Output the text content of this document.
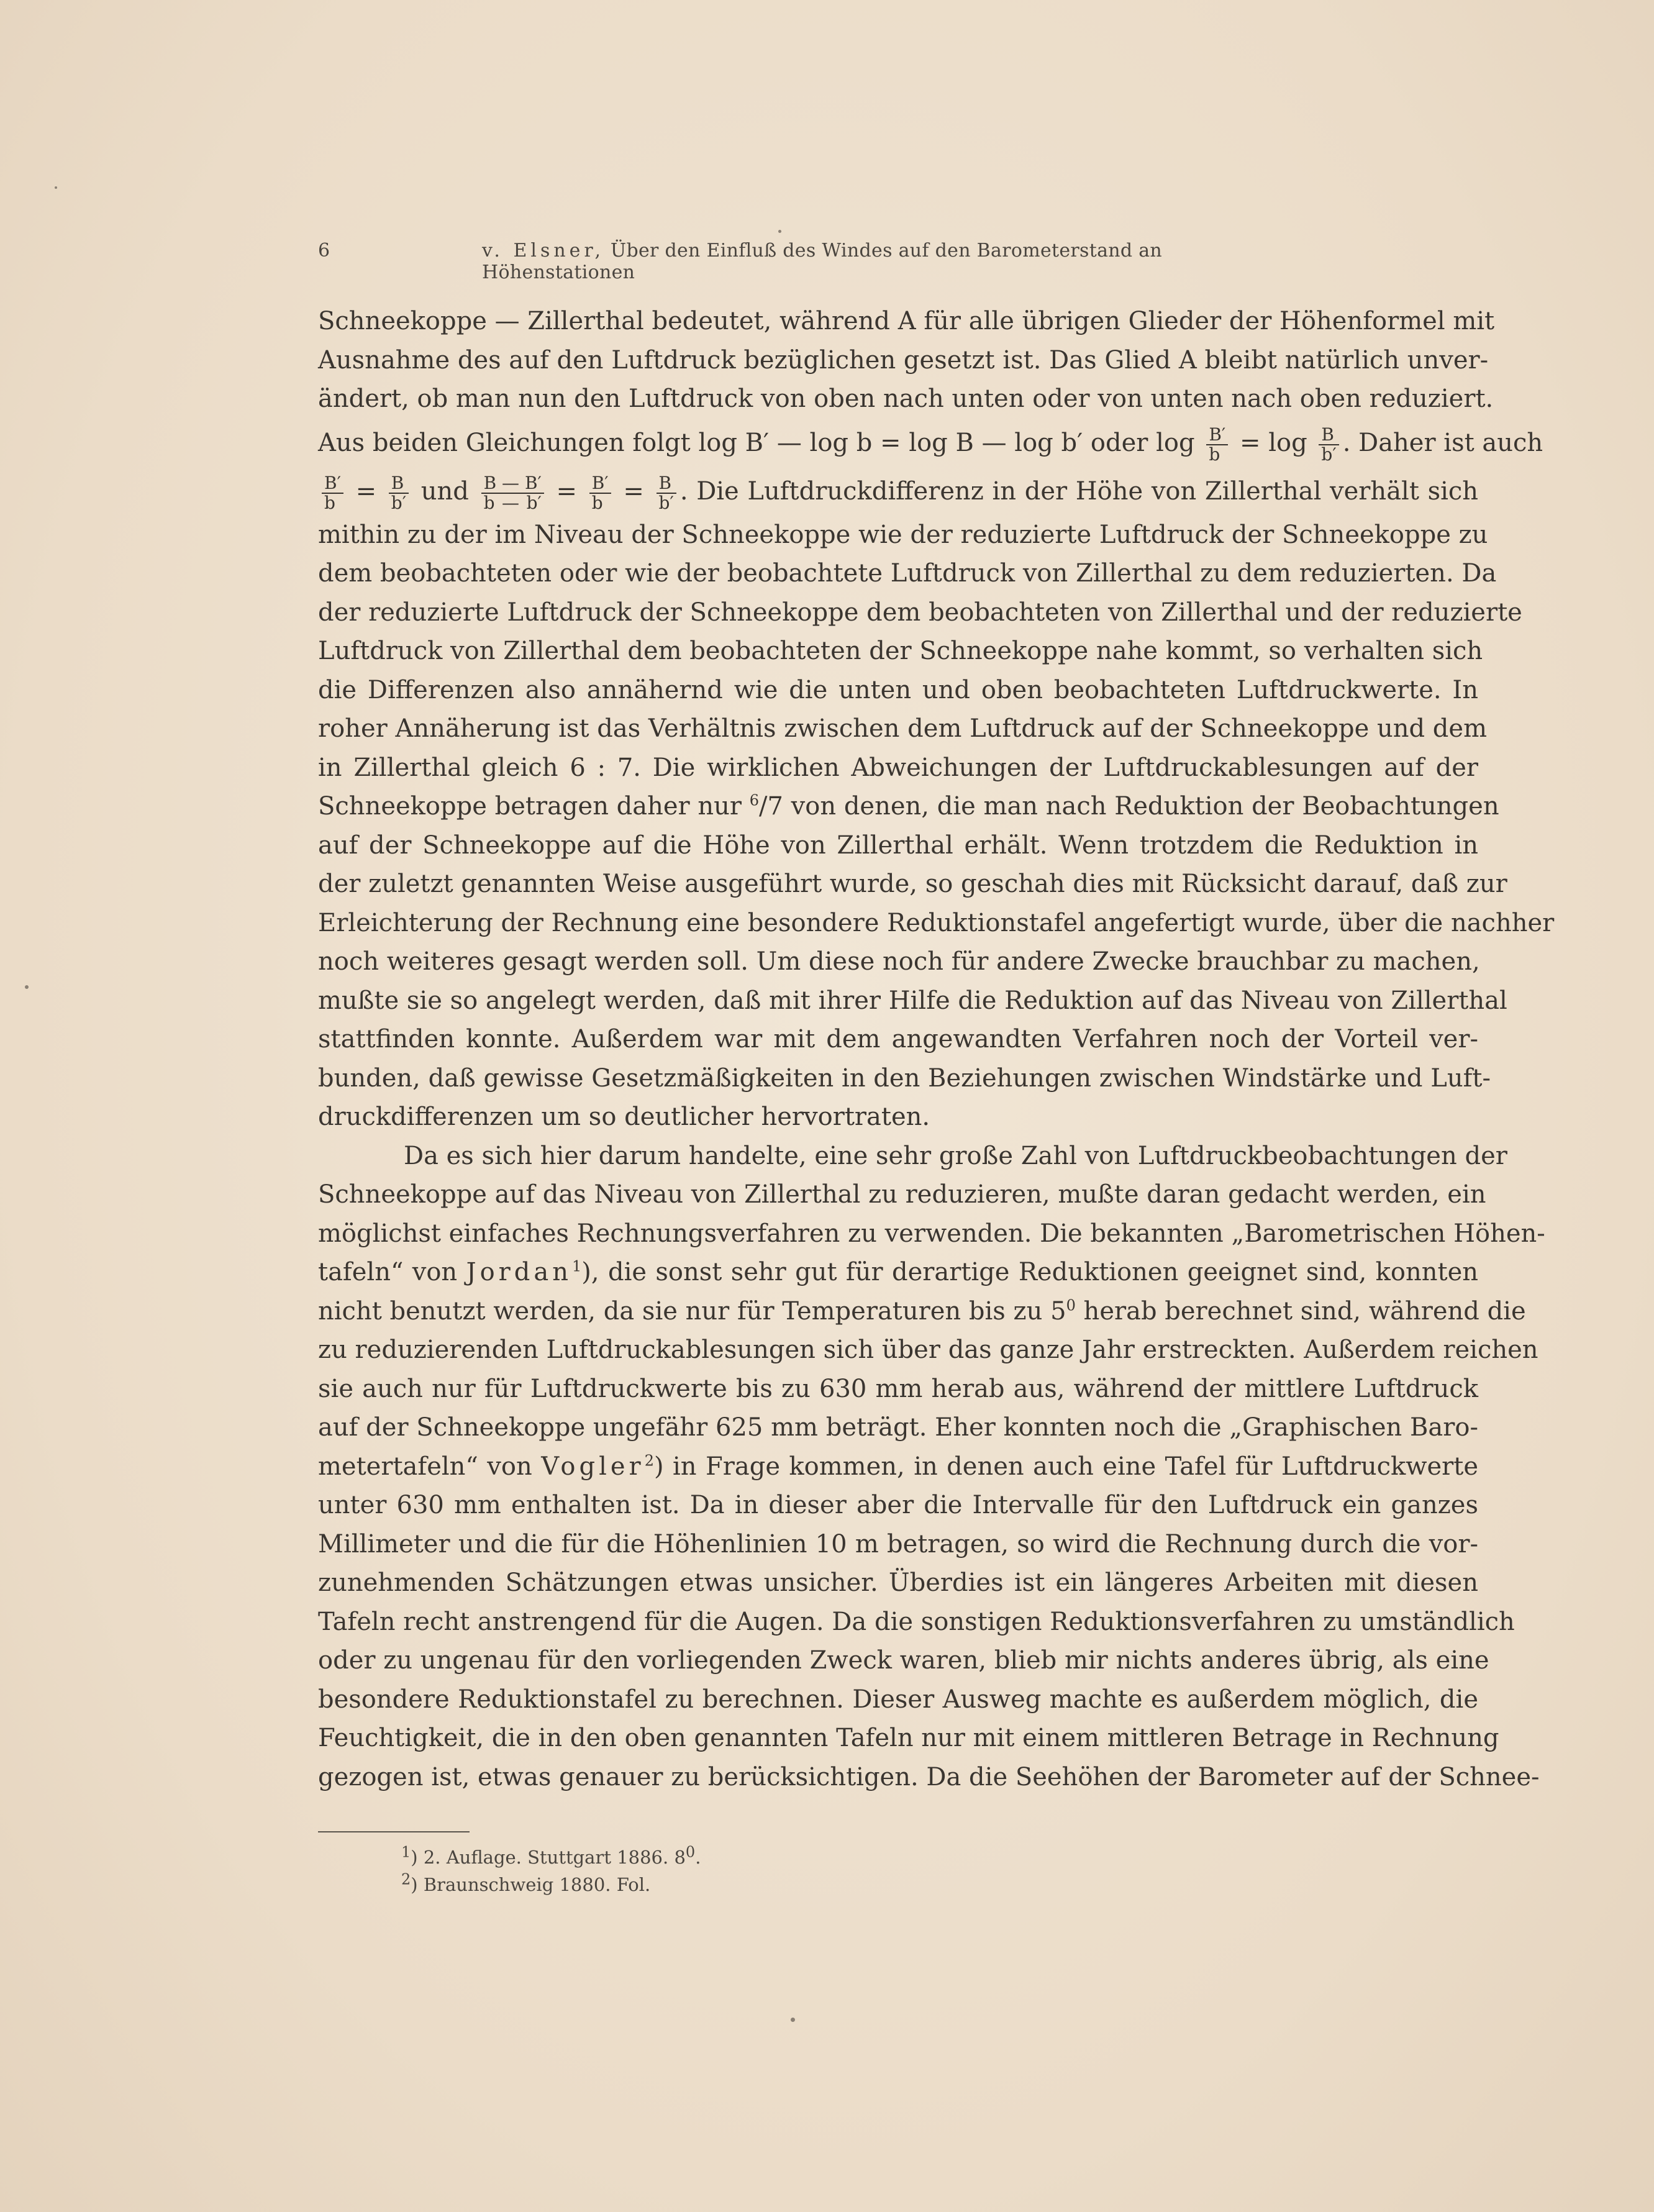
6	v. Elsner, Über den Einfluß des Windes auf den Barometerstand an Höhenstationen
Schneekoppe — Zillerthal bedeutet, während A für alle übrigen Glieder der Höhenformel mit
Ausnahme des auf den Luftdruck bezüglichen gesetzt ist. Das Glied A bleibt natürlich unver-
ändert, ob man nun den Luftdruck von oben nach unten oder von unten nach oben reduziert.
Aus beiden Gleichungen folgt log B′ — log b = log B — log b′ oder $\log \frac{B'}{b} = \log \frac{B}{b'}$ . Daher ist auch
$\frac{B'}{b} = \frac{B}{b'}$ und $\frac{B — B'}{b — b'} = \frac{B'}{b} = \frac{B}{b'}$ . Die Luftdruckdifferenz in der Höhe von Zillerthal verhält sich
mithin zu der im Niveau der Schneekoppe wie der reduzierte Luftdruck der Schneekoppe zu
dem beobachteten oder wie der beobachtete Luftdruck von Zillerthal zu dem reduzierten. Da
der reduzierte Luftdruck der Schneekoppe dem beobachteten von Zillerthal und der reduzierte
Luftdruck von Zillerthal dem beobachteten der Schneekoppe nahe kommt, so verhalten sich
die Differenzen also annähernd wie die unten und oben beobachteten Luftdruckwerte. In
roher Annäherung ist das Verhältnis zwischen dem Luftdruck auf der Schneekoppe und dem
in Zillerthal gleich 6 : 7. Die wirklichen Abweichungen der Luftdruckablesungen auf der
Schneekoppe betragen daher nur $^6$/7 von denen, die man nach Reduktion der Beobachtungen
auf der Schneekoppe auf die Höhe von Zillerthal erhält. Wenn trotzdem die Reduktion in
der zuletzt genannten Weise ausgeführt wurde, so geschah dies mit Rücksicht darauf, daß zur
Erleichterung der Rechnung eine besondere Reduktionstafel angefertigt wurde, über die nachher
noch weiteres gesagt werden soll. Um diese noch für andere Zwecke brauchbar zu machen,
mußte sie so angelegt werden, daß mit ihrer Hilfe die Reduktion auf das Niveau von Zillerthal
stattfinden konnte. Außerdem war mit dem angewandten Verfahren noch der Vorteil ver-
bunden, daß gewisse Gesetzmäßigkeiten in den Beziehungen zwischen Windstärke und Luft-
druckdifferenzen um so deutlicher hervortraten.
Da es sich hier darum handelte, eine sehr große Zahl von Luftdruckbeobachtungen der
Schneekoppe auf das Niveau von Zillerthal zu reduzieren, mußte daran gedacht werden, ein
möglichst einfaches Rechnungsverfahren zu verwenden. Die bekannten „Barometrischen Höhen-
tafeln“ von Jordan$^1$), die sonst sehr gut für derartige Reduktionen geeignet sind, konnten
nicht benutzt werden, da sie nur für Temperaturen bis zu $5^0$ herab berechnet sind, während die
zu reduzierenden Luftdruckablesungen sich über das ganze Jahr erstreckten. Außerdem reichen
sie auch nur für Luftdruckwerte bis zu 630 mm herab aus, während der mittlere Luftdruck
auf der Schneekoppe ungefähr 625 mm beträgt. Eher konnten noch die „Graphischen Baro-
metertafeln“ von Vogler$^2$) in Frage kommen, in denen auch eine Tafel für Luftdruckwerte
unter 630 mm enthalten ist. Da in dieser aber die Intervalle für den Luftdruck ein ganzes
Millimeter und die für die Höhenlinien 10 m betragen, so wird die Rechnung durch die vor-
zunehmenden Schätzungen etwas unsicher. Überdies ist ein längeres Arbeiten mit diesen
Tafeln recht anstrengend für die Augen. Da die sonstigen Reduktionsverfahren zu umständlich
oder zu ungenau für den vorliegenden Zweck waren, blieb mir nichts anderes übrig, als eine
besondere Reduktionstafel zu berechnen. Dieser Ausweg machte es außerdem möglich, die
Feuchtigkeit, die in den oben genannten Tafeln nur mit einem mittleren Betrage in Rechnung
gezogen ist, etwas genauer zu berücksichtigen. Da die Seehöhen der Barometer auf der Schnee-
$^1$) 2. Auflage. Stuttgart 1886. $8^0$.
$^2$) Braunschweig 1880. Fol.
